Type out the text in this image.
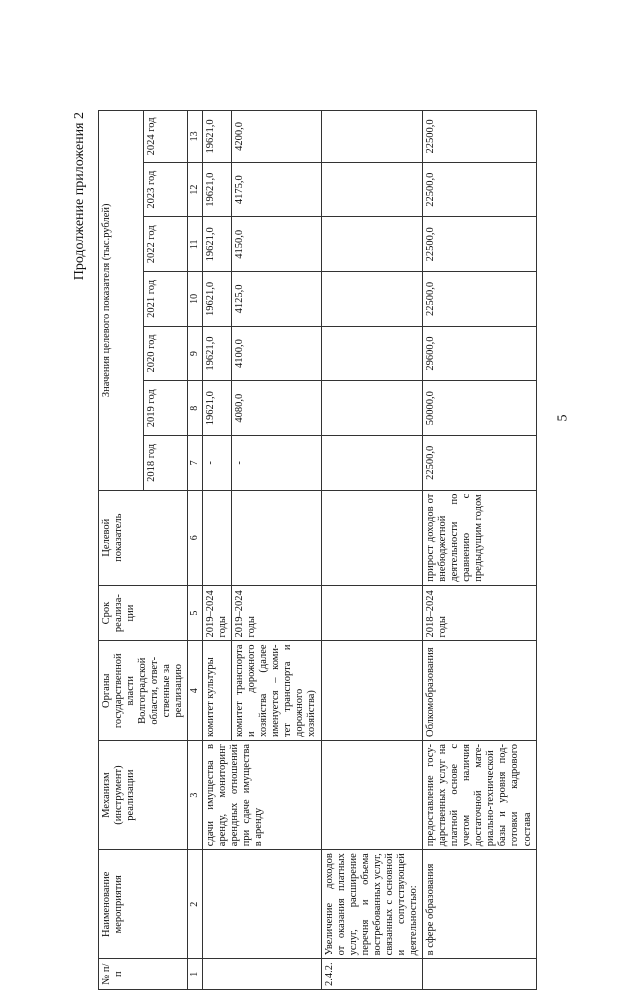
5
Продолжение приложения 2
№ п/п	Наименование мероприятия	Механизм (инструмент) реализации	Органы государственной власти Волгоградской области, ответственные за реализацию	Срок реализации	Целевой показатель	Значения целевого показателя (тыс.рублей)						
						2018 год	2019 год	2020 год	2021 год	2022 год	2023 год	2024 год
1	2	3	4	5	6	7	8	9	10	11	12	13
		сдачи имущества в аренду, мониторинг арендных отношений при сдаче имущества в аренду	комитет культуры	2019–2024 годы		-	19621,0	19621,0	19621,0	19621,0	19621,0	19621,0
			комитет транспорта и дорожного хозяйства (далее именуется – комитет транспорта и дорожного хозяйства)	2019–2024 годы		-	4080,0	4100,0	4125,0	4150,0	4175,0	4200,0
2.4.2.	Увеличение доходов от оказания платных услуг, расширение перечня и объема востребованных услуг, связанных с основной и сопутствующей деятельностью:											
	в сфере образования	предоставление государственных услуг на платной основе с учетом наличия достаточной материально-технической базы и уровня подготовки кадрового состава	Облкомобразования	2018–2024 годы	прирост доходов от внебюджетной деятельности по сравнению с предыдущим годом	22500,0	50000,0	29600,0	22500,0	22500,0	22500,0	22500,0
